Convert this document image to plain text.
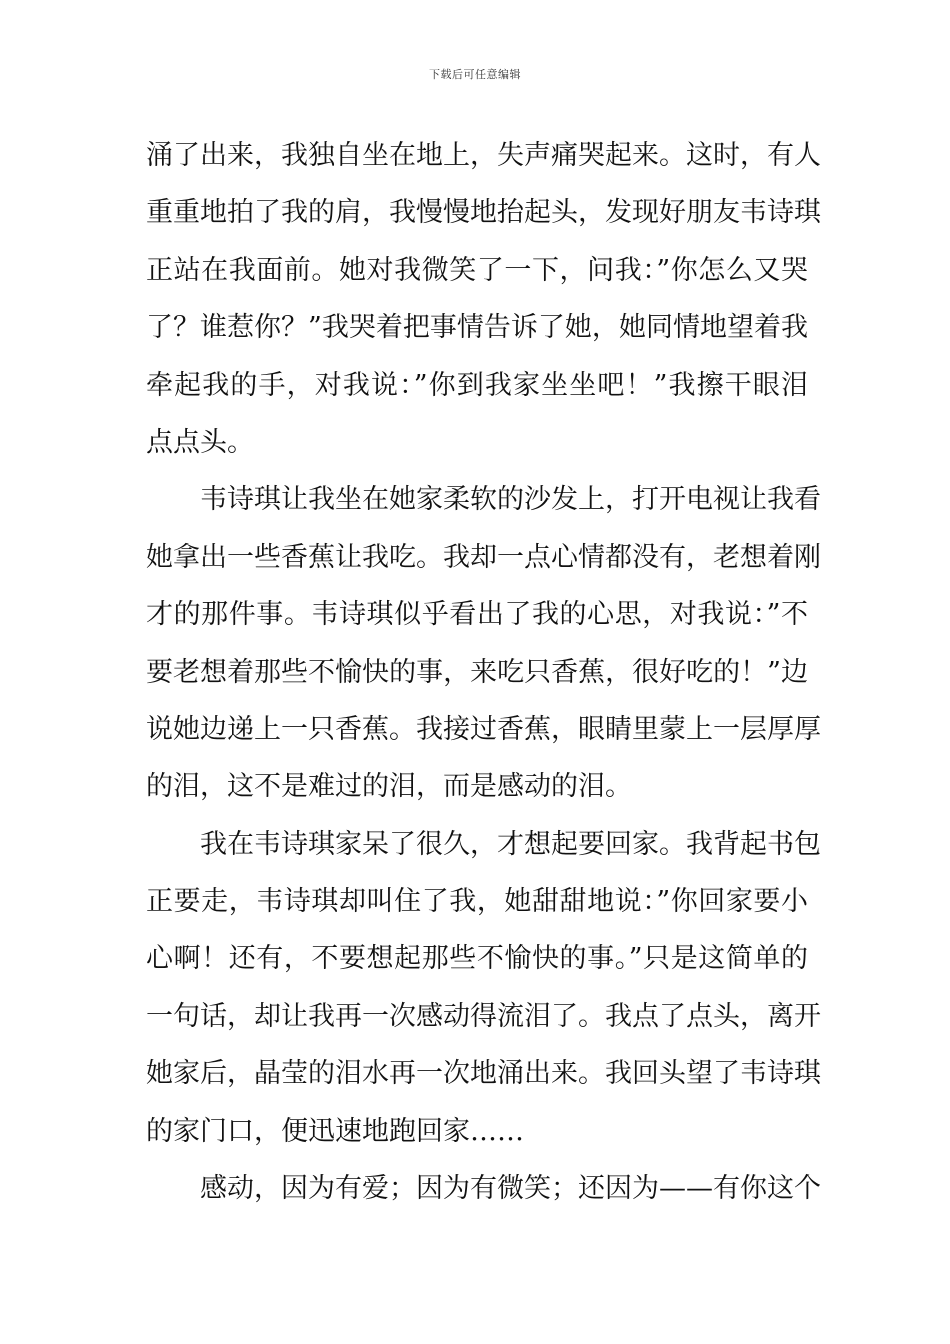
下载后可任意编辑
涌了出来，我独自坐在地上，失声痛哭起来。这时，有人
重重地拍了我的肩，我慢慢地抬起头，发现好朋友韦诗琪
正站在我面前。她对我微笑了一下，问我：”你怎么又哭
了？谁惹你？”我哭着把事情告诉了她，她同情地望着我
牵起我的手，对我说：”你到我家坐坐吧！”我擦干眼泪
点点头。
韦诗琪让我坐在她家柔软的沙发上，打开电视让我看
她拿出一些香蕉让我吃。我却一点心情都没有，老想着刚
才的那件事。韦诗琪似乎看出了我的心思，对我说：”不
要老想着那些不愉快的事，来吃只香蕉，很好吃的！”边
说她边递上一只香蕉。我接过香蕉，眼睛里蒙上一层厚厚
的泪，这不是难过的泪，而是感动的泪。
我在韦诗琪家呆了很久，才想起要回家。我背起书包
正要走，韦诗琪却叫住了我，她甜甜地说：”你回家要小
心啊！还有，不要想起那些不愉快的事。”只是这简单的
一句话，却让我再一次感动得流泪了。我点了点头，离开
她家后，晶莹的泪水再一次地涌出来。我回头望了韦诗琪
的家门口，便迅速地跑回家……
感动，因为有爱；因为有微笑；还因为——有你这个
